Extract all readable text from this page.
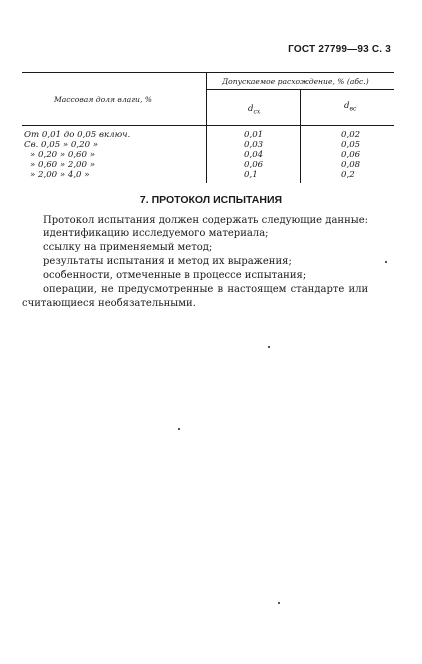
ГОСТ 27799—93 С. 3
Массовая доля влаги, %
Допускаемое расхождение, % (абс.)
$d_{сх}$
$d_{вс}$
От 0,01 до 0,05 включ.	0,01	0,02
Св. 0,05 » 0,20 »	0,03	0,05
» 0,20 » 0,60 »	0,04	0,06
» 0,60 » 2,00 »	0,06	0,08
» 2,00 » 4,0 »	0,1	0,2
7. ПРОТОКОЛ ИСПЫТАНИЯ
Протокол испытания должен содержать следующие данные:
идентификацию исследуемого материала;
ссылку на применяемый метод;
результаты испытания и метод их выражения;
особенности, отмеченные в процессе испытания;
операции, не предусмотренные в настоящем стандарте или
считающиеся необязательными.
